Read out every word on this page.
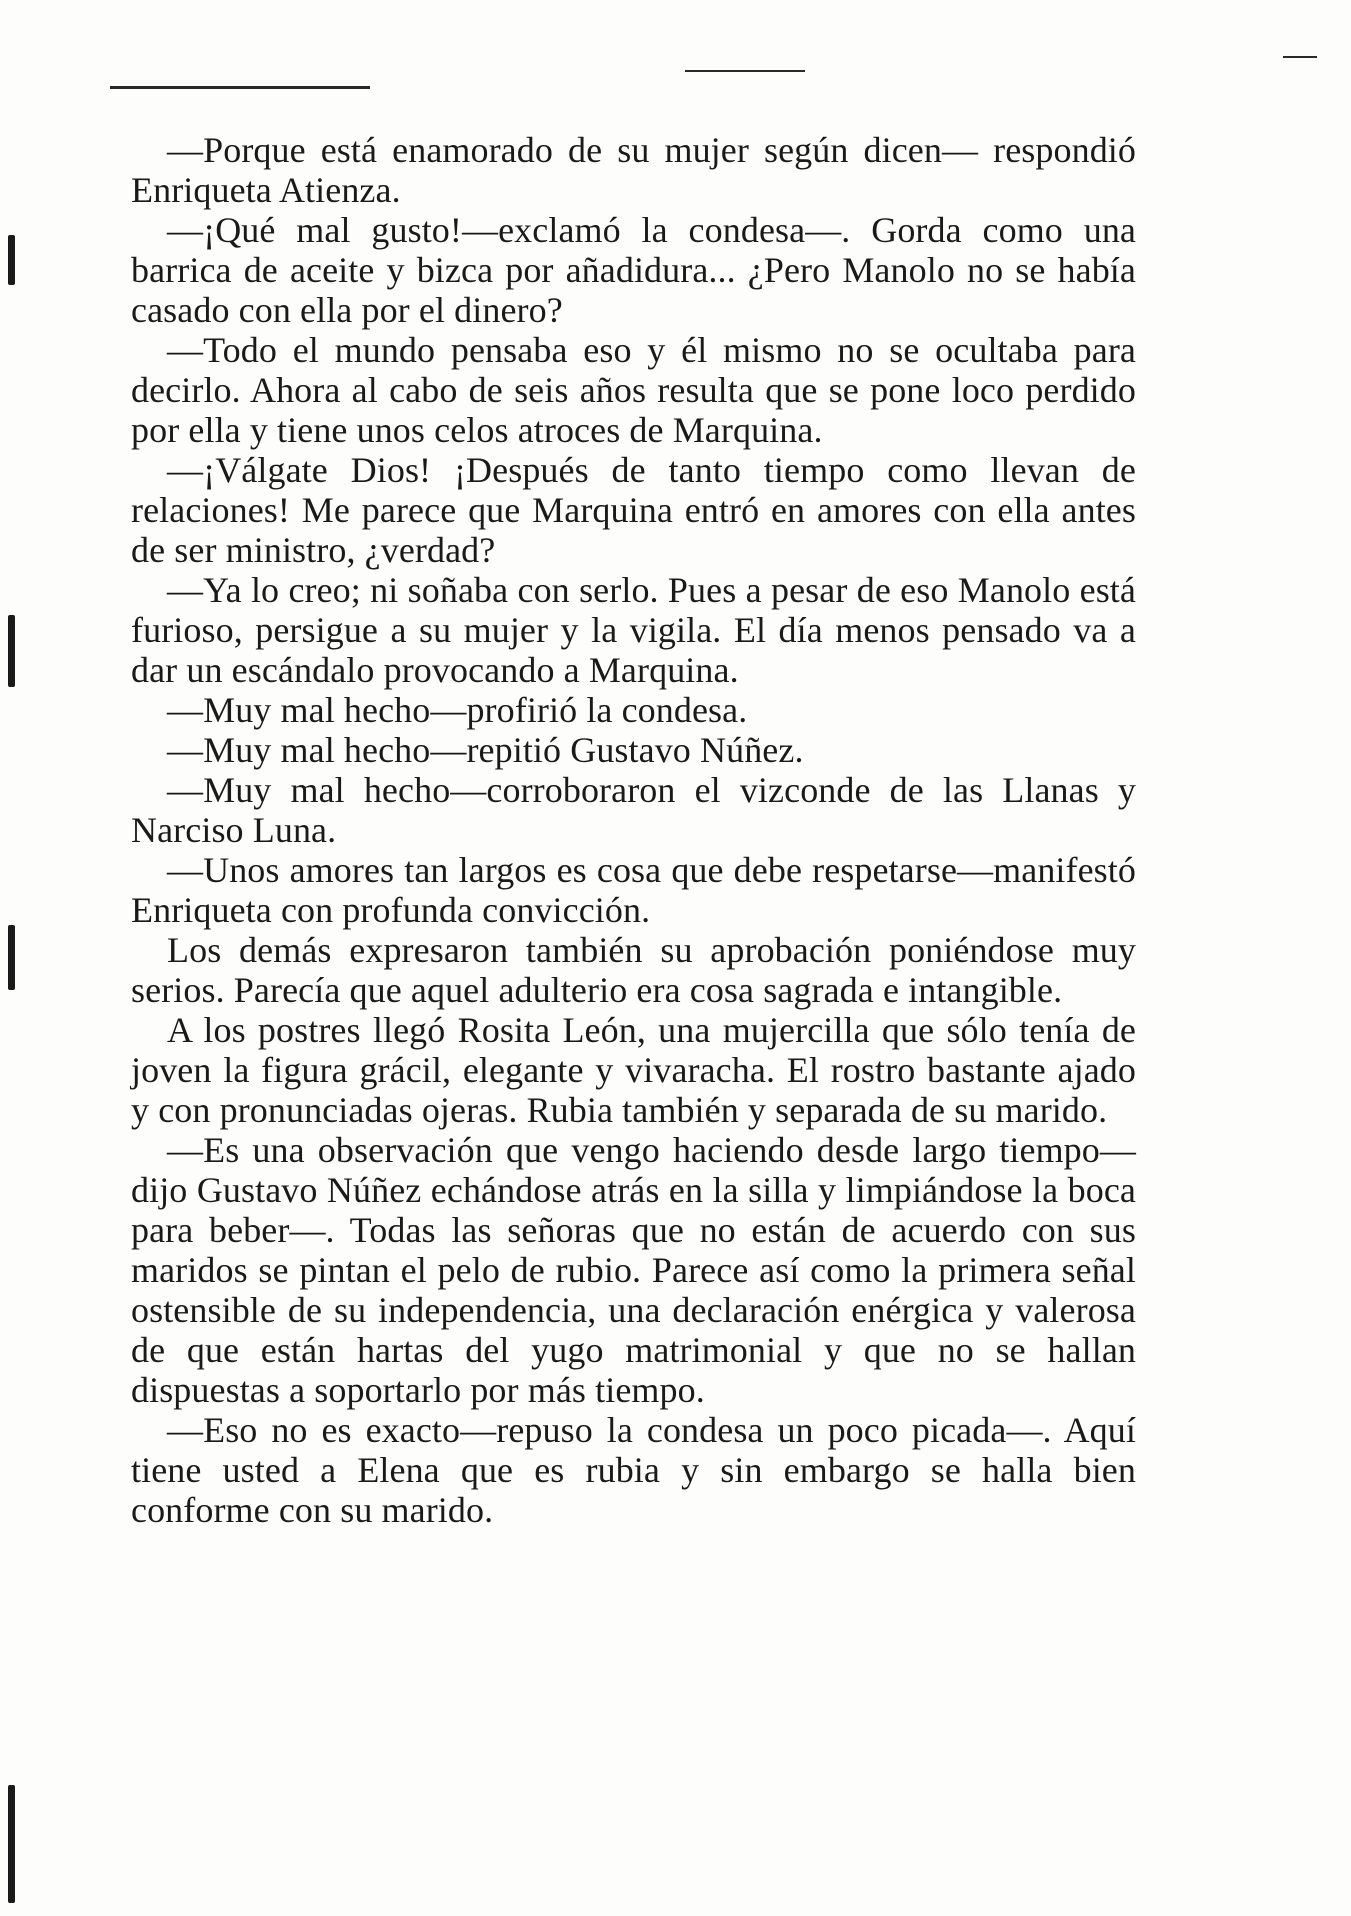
—Porque está enamorado de su mujer según dicen— respondió Enriqueta Atienza.

—¡Qué mal gusto!—exclamó la condesa—. Gorda como una barrica de aceite y bizca por añadidura... ¿Pero Manolo no se había casado con ella por el dinero?

—Todo el mundo pensaba eso y él mismo no se ocultaba para decirlo. Ahora al cabo de seis años resulta que se pone loco perdido por ella y tiene unos celos atroces de Marquina.

—¡Válgate Dios! ¡Después de tanto tiempo como llevan de relaciones! Me parece que Marquina entró en amores con ella antes de ser ministro, ¿verdad?

—Ya lo creo; ni soñaba con serlo. Pues a pesar de eso Manolo está furioso, persigue a su mujer y la vigila. El día menos pensado va a dar un escándalo provocando a Marquina.

—Muy mal hecho—profirió la condesa.

—Muy mal hecho—repitió Gustavo Núñez.

—Muy mal hecho—corroboraron el vizconde de las Llanas y Narciso Luna.

—Unos amores tan largos es cosa que debe respetarse—manifestó Enriqueta con profunda convicción.

Los demás expresaron también su aprobación poniéndose muy serios. Parecía que aquel adulterio era cosa sagrada e intangible.

A los postres llegó Rosita León, una mujercilla que sólo tenía de joven la figura grácil, elegante y vivaracha. El rostro bastante ajado y con pronunciadas ojeras. Rubia también y separada de su marido.

—Es una observación que vengo haciendo desde largo tiempo—dijo Gustavo Núñez echándose atrás en la silla y limpiándose la boca para beber—. Todas las señoras que no están de acuerdo con sus maridos se pintan el pelo de rubio. Parece así como la primera señal ostensible de su independencia, una declaración enérgica y valerosa de que están hartas del yugo matrimonial y que no se hallan dispuestas a soportarlo por más tiempo.

—Eso no es exacto—repuso la condesa un poco picada—. Aquí tiene usted a Elena que es rubia y sin embargo se halla bien conforme con su marido.
